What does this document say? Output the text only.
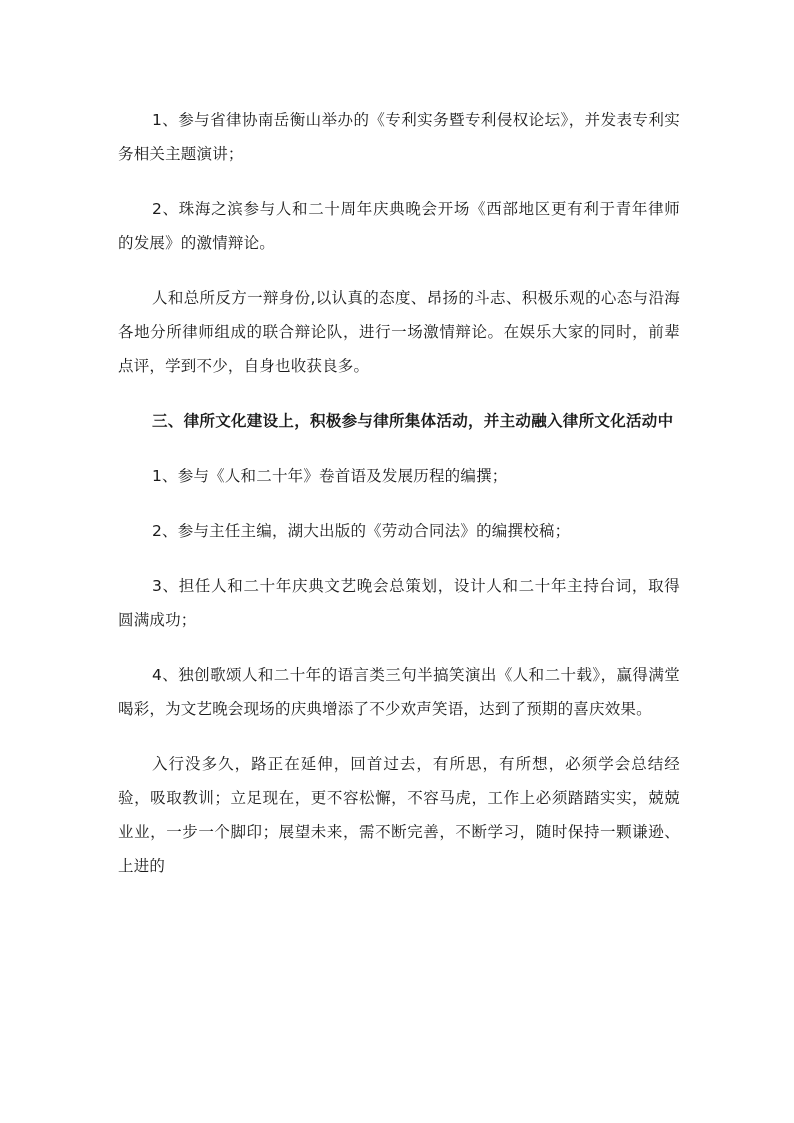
1、参与省律协南岳衡山举办的《专利实务暨专利侵权论坛》，并发表专利实务相关主题演讲；

2、珠海之滨参与人和二十周年庆典晚会开场《西部地区更有利于青年律师的发展》的激情辩论。

人和总所反方一辩身份,以认真的态度、昂扬的斗志、积极乐观的心态与沿海各地分所律师组成的联合辩论队，进行一场激情辩论。在娱乐大家的同时，前辈点评，学到不少，自身也收获良多。

三、律所文化建设上，积极参与律所集体活动，并主动融入律所文化活动中

1、参与《人和二十年》卷首语及发展历程的编撰；

2、参与主任主编，湖大出版的《劳动合同法》的编撰校稿；

3、担任人和二十年庆典文艺晚会总策划，设计人和二十年主持台词，取得圆满成功；

4、独创歌颂人和二十年的语言类三句半搞笑演出《人和二十载》，赢得满堂喝彩，为文艺晚会现场的庆典增添了不少欢声笑语，达到了预期的喜庆效果。

入行没多久，路正在延伸，回首过去，有所思，有所想，必须学会总结经验，吸取教训；立足现在，更不容松懈，不容马虎，工作上必须踏踏实实，兢兢业业，一步一个脚印；展望未来，需不断完善，不断学习，随时保持一颗谦逊、上进的
